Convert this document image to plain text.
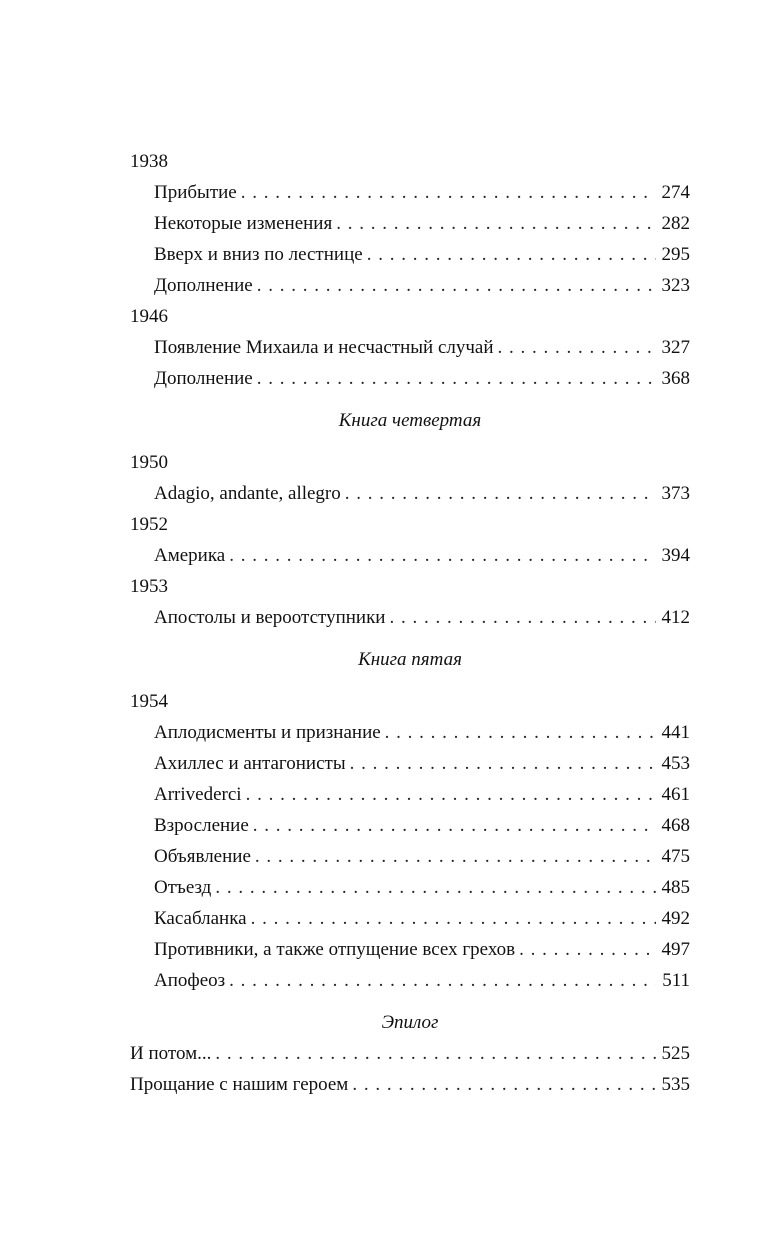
1938
Прибытие . . .	274
Некоторые изменения . . .	282
Вверх и вниз по лестнице . . .	295
Дополнение . . .	323
1946
Появление Михаила и несчастный случай . . .	327
Дополнение . . .	368
Книга четвертая
1950
Adagio, andante, allegro . . .	373
1952
Америка . . .	394
1953
Апостолы и вероотступники . . .	412
Книга пятая
1954
Аплодисменты и признание . . .	441
Ахиллес и антагонисты . . .	453
Arrivederci . . .	461
Взросление . . .	468
Объявление . . .	475
Отъезд . . .	485
Касабланка . . .	492
Противники, а также отпущение всех грехов . . .	497
Апофеоз . . .	511
Эпилог
И потом... . . .	525
Прощание с нашим героем . . .	535
